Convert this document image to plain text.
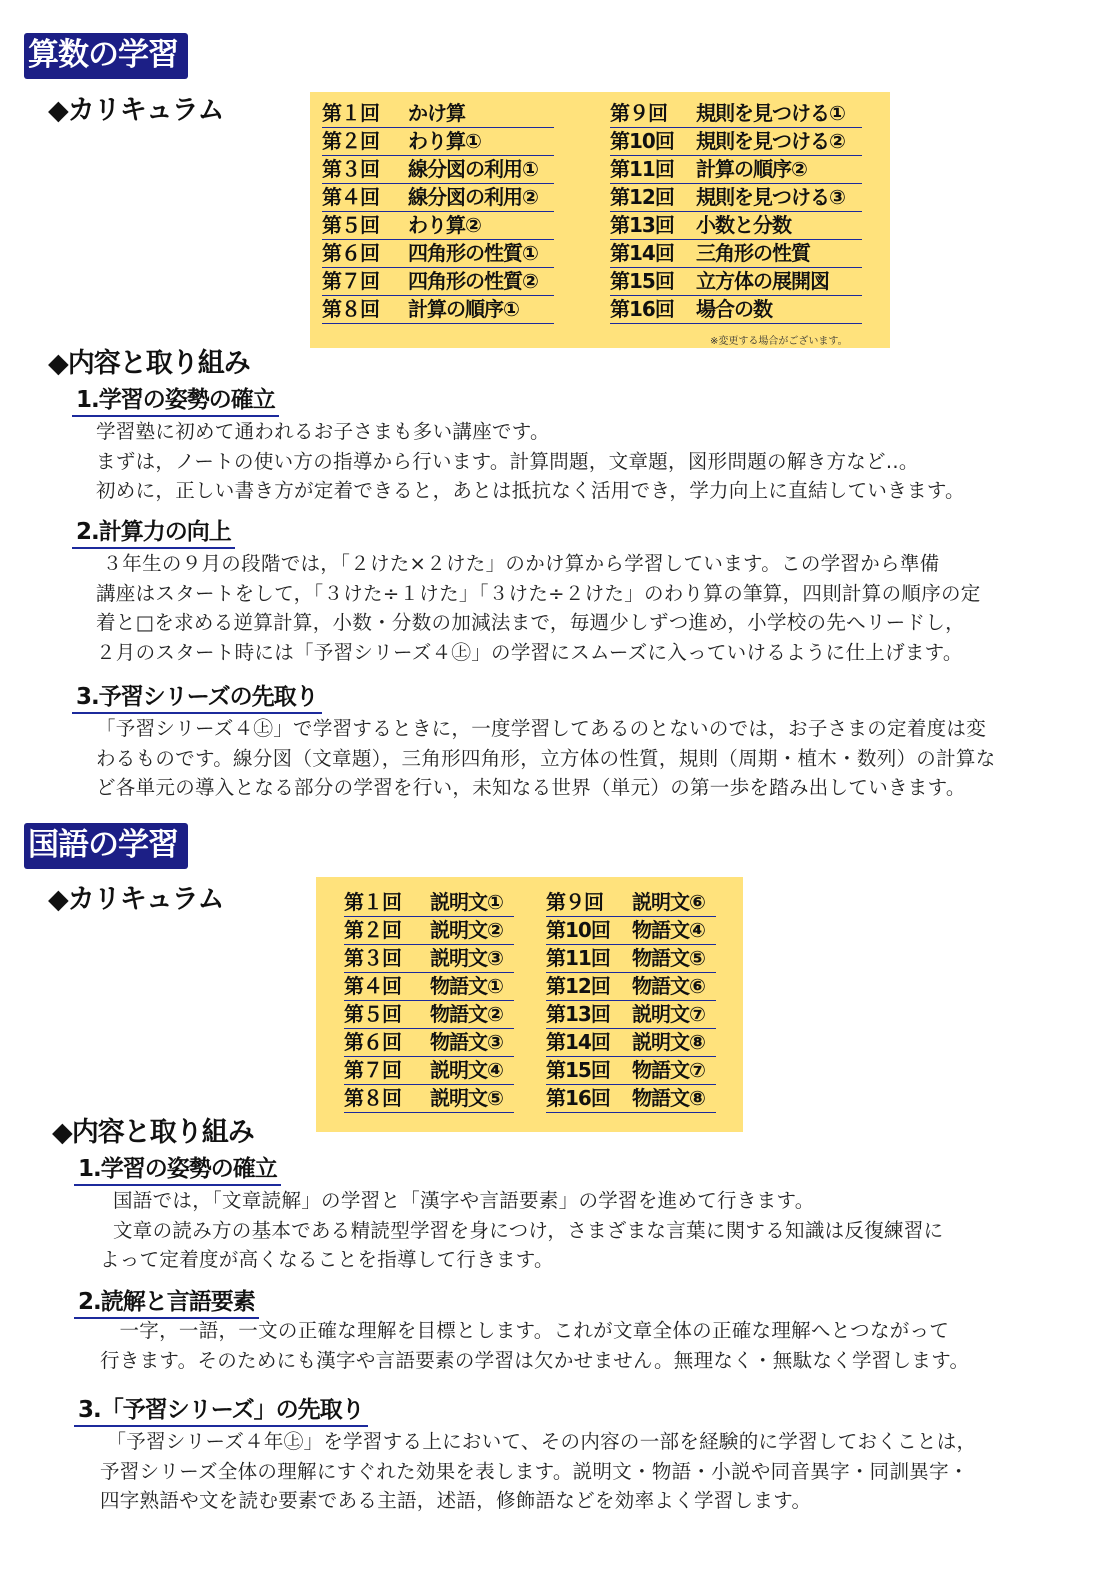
算数の学習
◆カリキュラム	第１回 かけ算
第２回 わり算①
第３回 線分図の利用①
第４回 線分図の利用②
第５回 わり算②
第６回 四角形の性質①
第７回 四角形の性質②
第８回 計算の順序①
第９回 規則を見つける①
第10回 規則を見つける②
第11回 計算の順序②
第12回 規則を見つける③
第13回 小数と分数
第14回 三角形の性質
第15回 立方体の展開図
第16回 場合の数
※変更する場合がございます。
◆内容と取り組み
1.学習の姿勢の確立
学習塾に初めて通われるお子さまも多い講座です。
まずは，ノートの使い方の指導から行います。計算問題，文章題，図形問題の解き方など..。
初めに，正しい書き方が定着できると，あとは抵抗なく活用でき，学力向上に直結していきます。
2.計算力の向上
３年生の９月の段階では，「２けた×２けた」のかけ算から学習しています。この学習から準備
講座はスタートをして，「３けた÷１けた」「３けた÷２けた」のわり算の筆算，四則計算の順序の定
着と□を求める逆算計算，小数・分数の加減法まで，毎週少しずつ進め，小学校の先へリードし，
２月のスタート時には「予習シリーズ４㊤」の学習にスムーズに入っていけるように仕上げます。
3.予習シリーズの先取り
「予習シリーズ４㊤」で学習するときに，一度学習してあるのとないのでは，お子さまの定着度は変
わるものです。線分図（文章題），三角形四角形，立方体の性質，規則（周期・植木・数列）の計算な
ど各単元の導入となる部分の学習を行い，未知なる世界（単元）の第一歩を踏み出していきます。
国語の学習
◆カリキュラム	第１回 説明文①
第２回 説明文②
第３回 説明文③
第４回 物語文①
第５回 物語文②
第６回 物語文③
第７回 説明文④
第８回 説明文⑤
第９回 説明文⑥
第10回 物語文④
第11回 物語文⑤
第12回 物語文⑥
第13回 説明文⑦
第14回 説明文⑧
第15回 物語文⑦
第16回 物語文⑧
◆内容と取り組み
1.学習の姿勢の確立
国語では，「文章読解」の学習と「漢字や言語要素」の学習を進めて行きます。
文章の読み方の基本である精読型学習を身につけ，さまざまな言葉に関する知識は反復練習に
よって定着度が高くなることを指導して行きます。
2.読解と言語要素
一字，一語，一文の正確な理解を目標とします。これが文章全体の正確な理解へとつながって
行きます。そのためにも漢字や言語要素の学習は欠かせません。無理なく・無駄なく学習します。
3.「予習シリーズ」の先取り
「予習シリーズ４年㊤」を学習する上において、その内容の一部を経験的に学習しておくことは，
予習シリーズ全体の理解にすぐれた効果を表します。説明文・物語・小説や同音異字・同訓異字・
四字熟語や文を読む要素である主語，述語，修飾語などを効率よく学習します。
